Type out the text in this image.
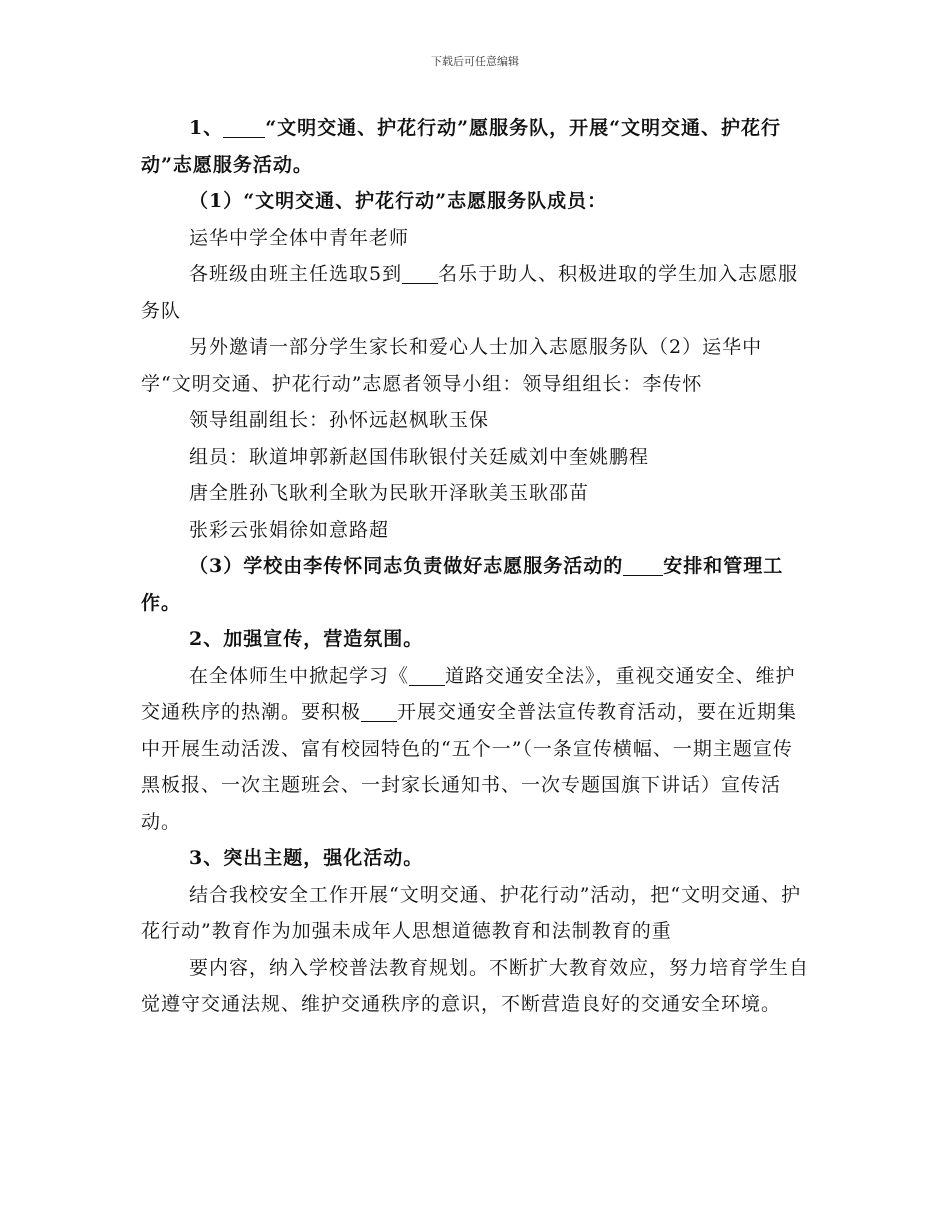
下载后可任意编辑

1、 “文明交通、护花行动”愿服务队，开展“文明交通、护花行动”志愿服务活动。

（1）“文明交通、护花行动”志愿服务队成员：

运华中学全体中青年老师

各班级由班主任选取5到 名乐于助人、积极进取的学生加入志愿服务队

另外邀请一部分学生家长和爱心人士加入志愿服务队（2）运华中学“文明交通、护花行动”志愿者领导小组：领导组组长：李传怀

领导组副组长：孙怀远赵枫耿玉保

组员：耿道坤郭新赵国伟耿银付关廷威刘中奎姚鹏程

唐全胜孙飞耿利全耿为民耿开泽耿美玉耿邵苗

张彩云张娟徐如意路超

（3）学校由李传怀同志负责做好志愿服务活动的 安排和管理工作。

2、加强宣传，营造氛围。

在全体师生中掀起学习《 道路交通安全法》，重视交通安全、维护交通秩序的热潮。要积极 开展交通安全普法宣传教育活动，要在近期集中开展生动活泼、富有校园特色的“五个一”（一条宣传横幅、一期主题宣传黑板报、一次主题班会、一封家长通知书、一次专题国旗下讲话）宣传活动。

3、突出主题，强化活动。

结合我校安全工作开展“文明交通、护花行动”活动，把“文明交通、护花行动”教育作为加强未成年人思想道德教育和法制教育的重

要内容，纳入学校普法教育规划。不断扩大教育效应，努力培育学生自觉遵守交通法规、维护交通秩序的意识，不断营造良好的交通安全环境。
